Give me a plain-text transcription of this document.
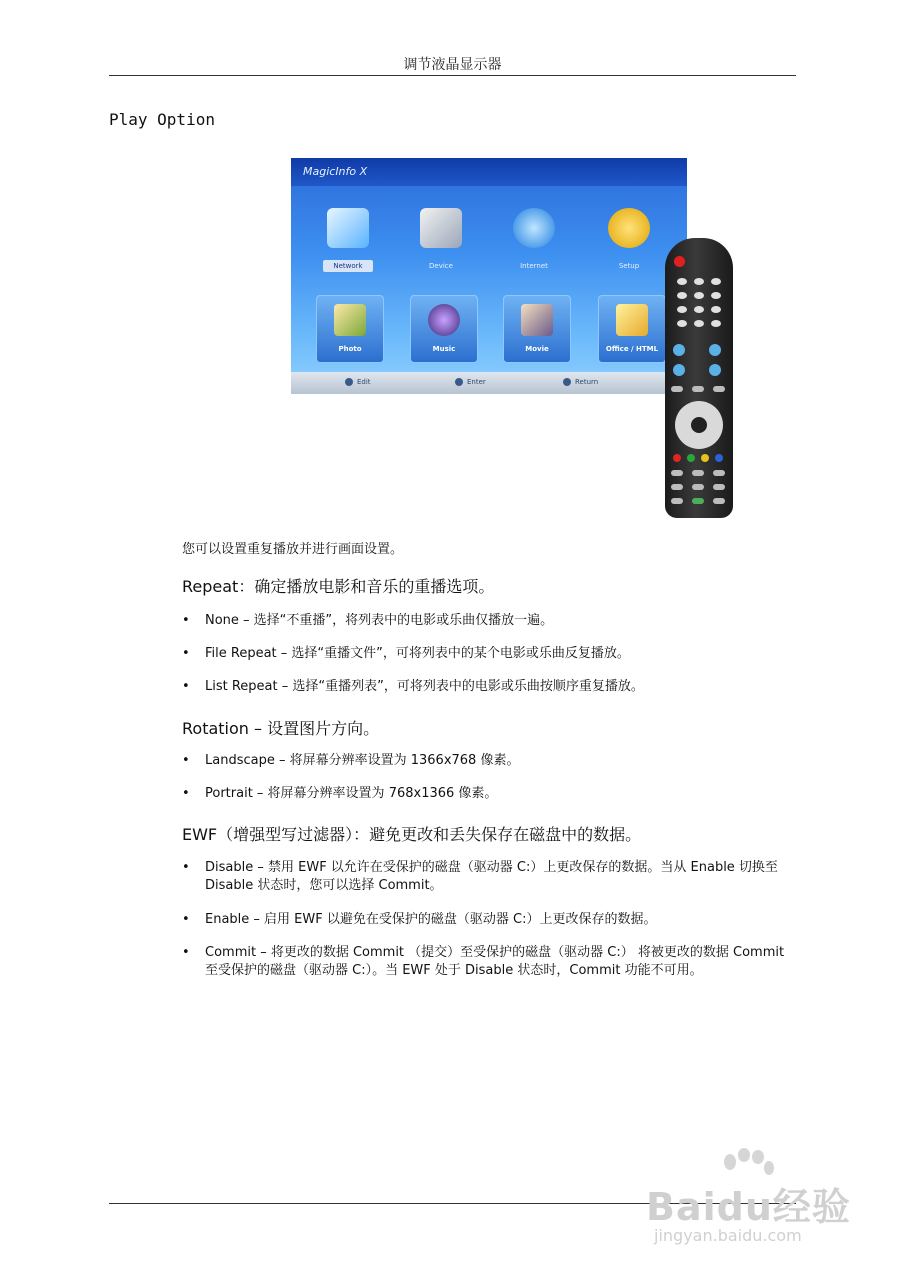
调节液晶显示器
Play Option
MagicInfo X
Network	Device	Internet	Setup
Photo	Music	Movie	Office / HTML
Edit	Enter	Return
您可以设置重复播放并进行画面设置。
Repeat：确定播放电影和音乐的重播选项。
• None – 选择“不重播”，将列表中的电影或乐曲仅播放一遍。
• File Repeat – 选择“重播文件”，可将列表中的某个电影或乐曲反复播放。
• List Repeat – 选择“重播列表”，可将列表中的电影或乐曲按顺序重复播放。
Rotation – 设置图片方向。
• Landscape – 将屏幕分辨率设置为 1366x768 像素。
• Portrait – 将屏幕分辨率设置为 768x1366 像素。
EWF（增强型写过滤器）：避免更改和丢失保存在磁盘中的数据。
• Disable – 禁用 EWF 以允许在受保护的磁盘（驱动器 C:）上更改保存的数据。当从 Enable 切换至 Disable 状态时，您可以选择 Commit。
• Enable – 启用 EWF 以避免在受保护的磁盘（驱动器 C:）上更改保存的数据。
• Commit – 将更改的数据 Commit （提交）至受保护的磁盘（驱动器 C:） 将被更改的数据 Commit 至受保护的磁盘（驱动器 C:）。当 EWF 处于 Disable 状态时，Commit 功能不可用。
Baidu经验
jingyan.baidu.com
